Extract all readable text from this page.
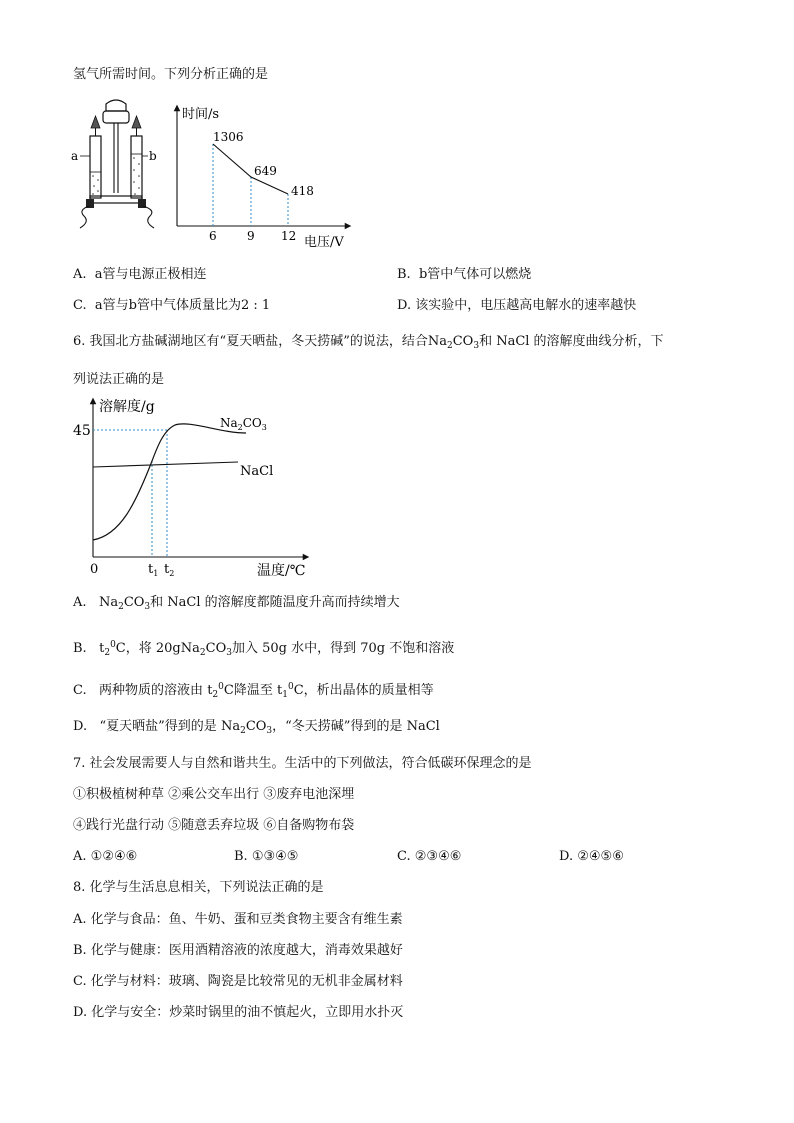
氢气所需时间。下列分析正确的是
a	b
时间/s
电压/V
6	9 12
1306
649
418
A. a管与电源正极相连	B. b管中气体可以燃烧
C. a管与b管中气体质量比为2 : 1	D. 该实验中，电压越高电解水的速率越快
6. 我国北方盐碱湖地区有“夏天晒盐，冬天捞碱”的说法，结合$Na_2CO_3$和 NaCl 的溶解度曲线分析，下
列说法正确的是
溶解度/g
温度/℃
45
0
$Na_2CO_3$
NaCl
$t_1$ $t_2$
A. $Na_2CO_3$和 NaCl 的溶解度都随温度升高而持续增大
B. $t_2^0C$，将 $20gNa_2CO_3$加入 50g 水中，得到 70g 不饱和溶液
C. 两种物质的溶液由 $t_2^0C$降温至 $t_1^0C$，析出晶体的质量相等
D. “夏天晒盐”得到的是 $Na_2CO_3$，“冬天捞碱”得到的是 NaCl
7. 社会发展需要人与自然和谐共生。生活中的下列做法，符合低碳环保理念的是
①积极植树种草 ②乘公交车出行 ③废弃电池深埋
④践行光盘行动 ⑤随意丢弃垃圾 ⑥自备购物布袋
A. ①②④⑥	B. ①③④⑤	C. ②③④⑥	D. ②④⑤⑥
8. 化学与生活息息相关，下列说法正确的是
A. 化学与食品：鱼、牛奶、蛋和豆类食物主要含有维生素
B. 化学与健康：医用酒精溶液的浓度越大，消毒效果越好
C. 化学与材料：玻璃、陶瓷是比较常见的无机非金属材料
D. 化学与安全：炒菜时锅里的油不慎起火，立即用水扑灭
